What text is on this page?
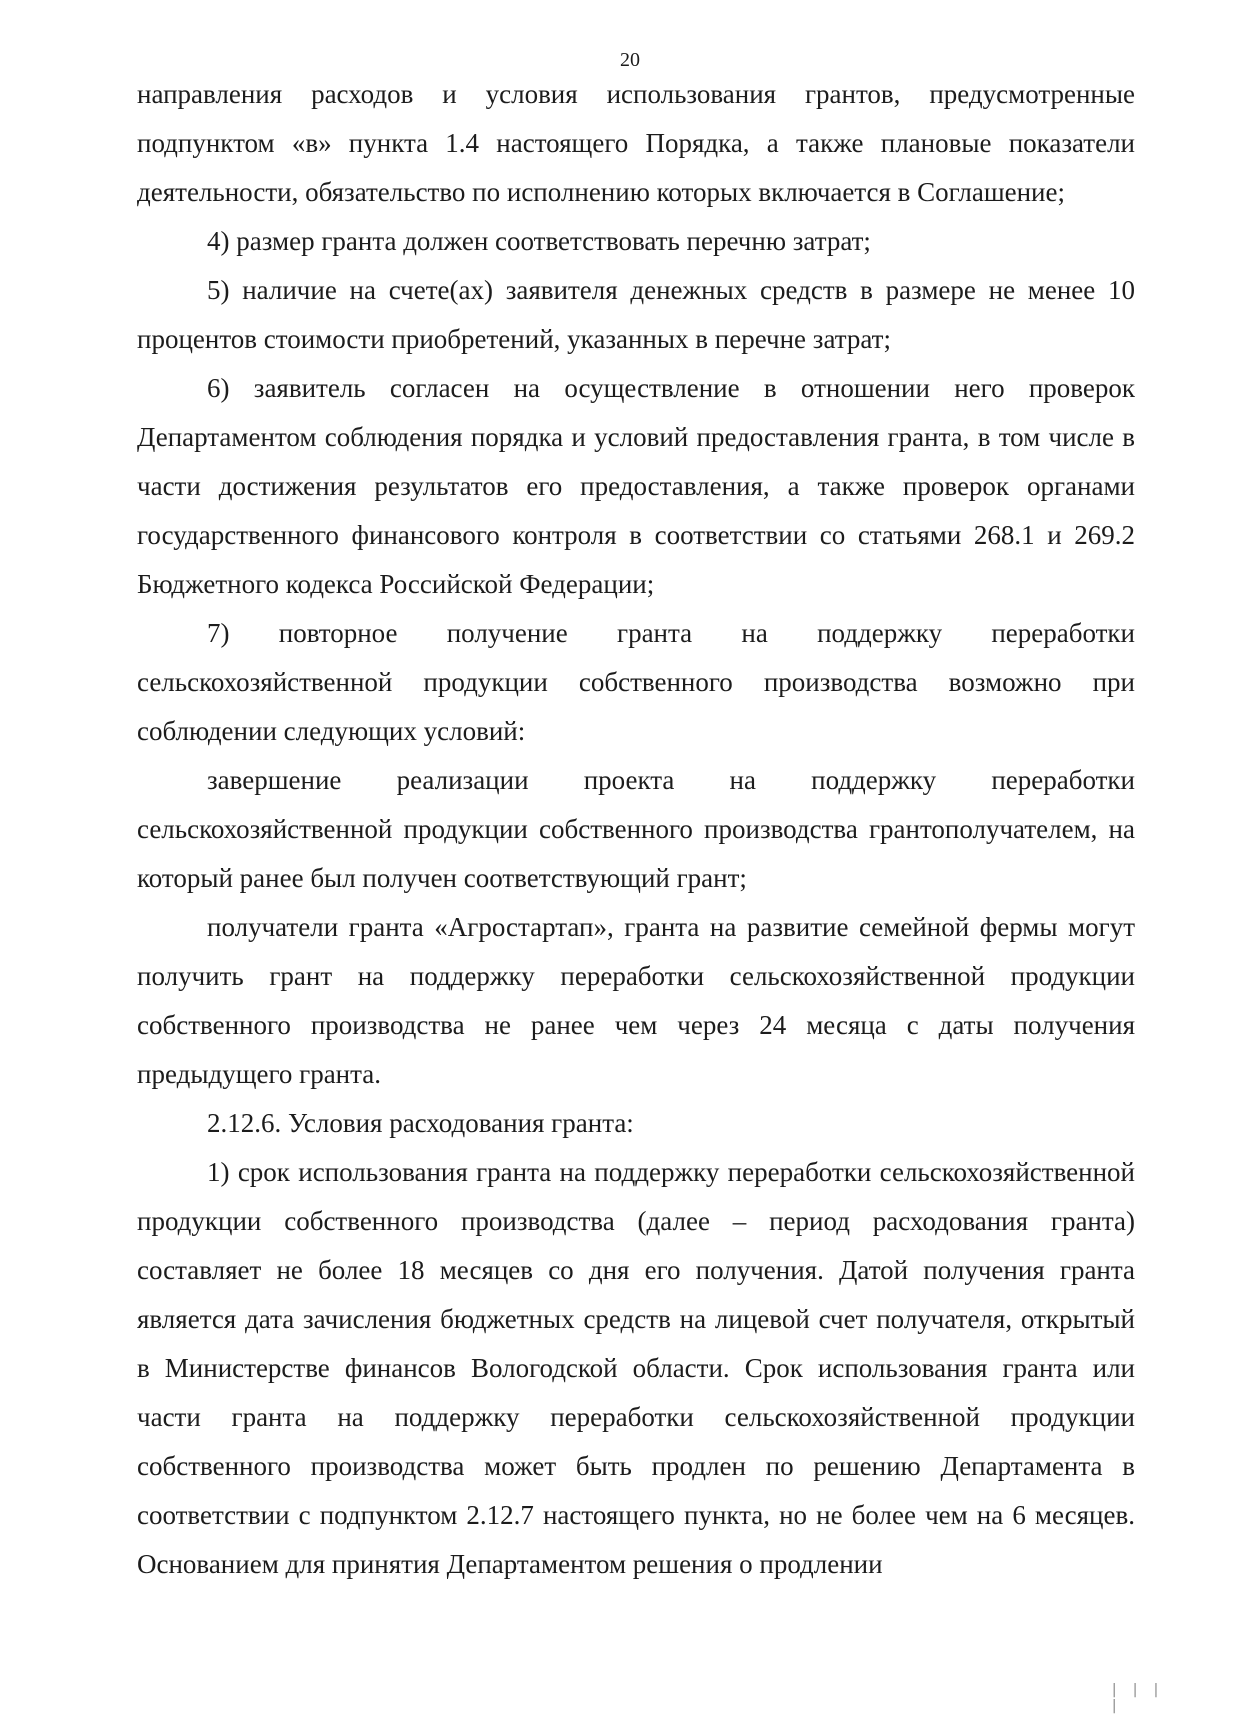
20

направления расходов и условия использования грантов, предусмотренные подпунктом «в» пункта 1.4 настоящего Порядка, а также плановые показатели деятельности, обязательство по исполнению которых включается в Соглашение;

4) размер гранта должен соответствовать перечню затрат;

5) наличие на счете(ах) заявителя денежных средств в размере не менее 10 процентов стоимости приобретений, указанных в перечне затрат;

6) заявитель согласен на осуществление в отношении него проверок Департаментом соблюдения порядка и условий предоставления гранта, в том числе в части достижения результатов его предоставления, а также проверок органами государственного финансового контроля в соответствии со статьями 268.1 и 269.2 Бюджетного кодекса Российской Федерации;

7) повторное получение гранта на поддержку переработки сельскохозяйственной продукции собственного производства возможно при соблюдении следующих условий:

завершение реализации проекта на поддержку переработки сельскохозяйственной продукции собственного производства грантополучателем, на который ранее был получен соответствующий грант;

получатели гранта «Агростартап», гранта на развитие семейной фермы могут получить грант на поддержку переработки сельскохозяйственной продукции собственного производства не ранее чем через 24 месяца с даты получения предыдущего гранта.

2.12.6. Условия расходования гранта:

1) срок использования гранта на поддержку переработки сельскохозяйственной продукции собственного производства (далее – период расходования гранта) составляет не более 18 месяцев со дня его получения. Датой получения гранта является дата зачисления бюджетных средств на лицевой счет получателя, открытый в Министерстве финансов Вологодской области. Срок использования гранта или части гранта на поддержку переработки сельскохозяйственной продукции собственного производства может быть продлен по решению Департамента в соответствии с подпунктом 2.12.7 настоящего пункта, но не более чем на 6 месяцев. Основанием для принятия Департаментом решения о продлении

| | | |
